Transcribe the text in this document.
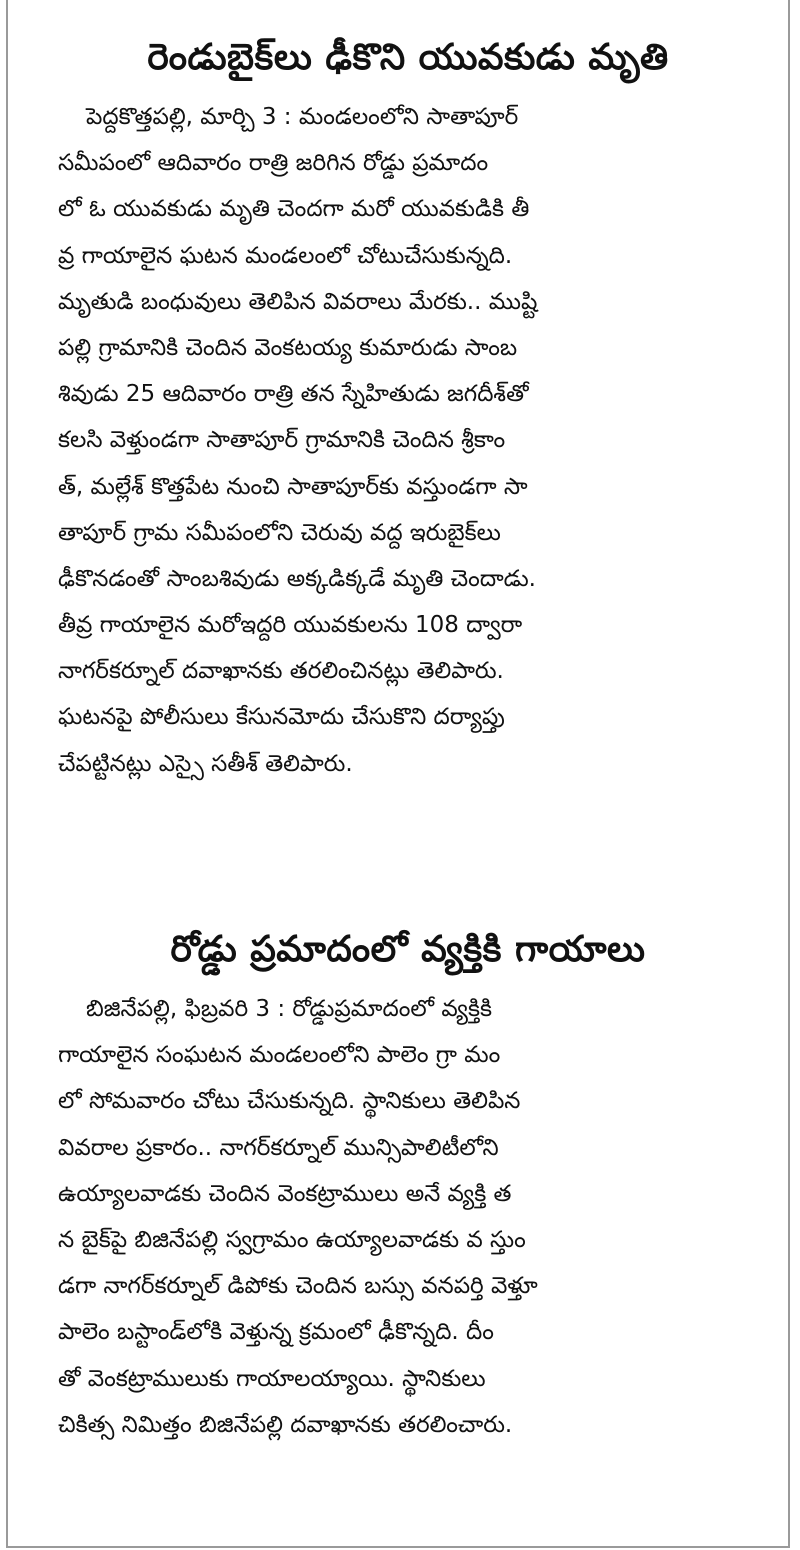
రెండుబైక్‌లు ఢీకొని యువకుడు మృతి
పెద్దకొత్తపల్లి, మార్చి 3 : మండలంలోని సాతాపూర్
సమీపంలో ఆదివారం రాత్రి జరిగిన రోడ్డు ప్రమాదం
లో ఓ యువకుడు మృతి చెందగా మరో యువకుడికి తీ
వ్ర గాయాలైన ఘటన మండలంలో చోటుచేసుకున్నది.
మృతుడి బంధువులు తెలిపిన వివరాలు మేరకు.. ముష్టి
పల్లి గ్రామానికి చెందిన వెంకటయ్య కుమారుడు సాంబ
శివుడు 25 ఆదివారం రాత్రి తన స్నేహితుడు జగదీశ్‌తో
కలసి వెళ్తుండగా సాతాపూర్ గ్రామానికి చెందిన శ్రీకాం
త్, మల్లేశ్ కొత్తపేట నుంచి సాతాపూర్‌కు వస్తుండగా సా
తాపూర్ గ్రామ సమీపంలోని చెరువు వద్ద ఇరుబైక్‌లు
ఢీకొనడంతో సాంబశివుడు అక్కడిక్కడే మృతి చెందాడు.
తీవ్ర గాయాలైన మరోఇద్దరి యువకులను 108 ద్వారా
నాగర్‌కర్నూల్ దవాఖానకు తరలించినట్లు తెలిపారు.
ఘటనపై పోలీసులు కేసునమోదు చేసుకొని దర్యాప్తు
చేపట్టినట్లు ఎస్సై సతీశ్ తెలిపారు.
రోడ్డు ప్రమాదంలో వ్యక్తికి గాయాలు
బిజినేపల్లి, ఫిబ్రవరి 3 : రోడ్డుప్రమాదంలో వ్యక్తికి
గాయాలైన సంఘటన మండలంలోని పాలెం గ్రా మం
లో సోమవారం చోటు చేసుకున్నది. స్థానికులు తెలిపిన
వివరాల ప్రకారం.. నాగర్‌కర్నూల్ మున్సిపాలిటీలోని
ఉయ్యాలవాడకు చెందిన వెంకట్రాములు అనే వ్యక్తి త
న బైక్‌పై బిజినేపల్లి స్వగ్రామం ఉయ్యాలవాడకు వ స్తుం
డగా నాగర్‌కర్నూల్ డిపోకు చెందిన బస్సు వనపర్తి వెళ్తూ
పాలెం బస్టాండ్‌లోకి వెళ్తున్న క్రమంలో ఢీకొన్నది. దీం
తో వెంకట్రాములుకు గాయాలయ్యాయి. స్థానికులు
చికిత్స నిమిత్తం బిజినేపల్లి దవాఖానకు తరలించారు.
